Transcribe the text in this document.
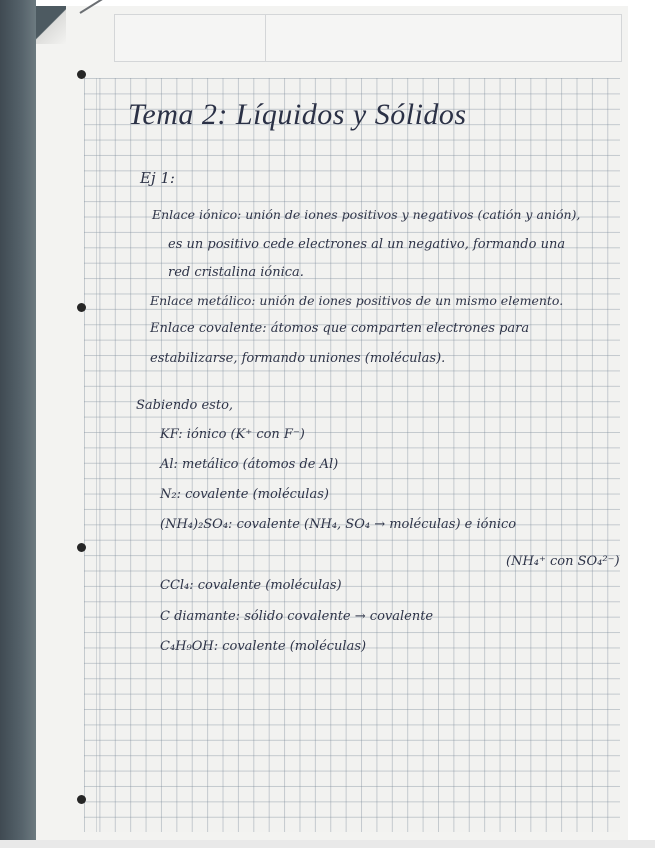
Tema 2: Líquidos y Sólidos
Ej 1:
Enlace iónico: unión de iones positivos y negativos (catión y anión),
es un positivo cede electrones al un negativo, formando una
red cristalina iónica.
Enlace metálico: unión de iones positivos de un mismo elemento.
Enlace covalente: átomos que comparten electrones para
estabilizarse, formando uniones (moléculas).
Sabiendo esto,
KF: iónico (K⁺ con F⁻)
Al: metálico (átomos de Al)
N₂: covalente (moléculas)
(NH₄)₂SO₄: covalente (NH₄, SO₄ → moléculas) e iónico
(NH₄⁺ con SO₄²⁻)
CCl₄: covalente (moléculas)
C diamante: sólido covalente → covalente
C₄H₉OH: covalente (moléculas)
